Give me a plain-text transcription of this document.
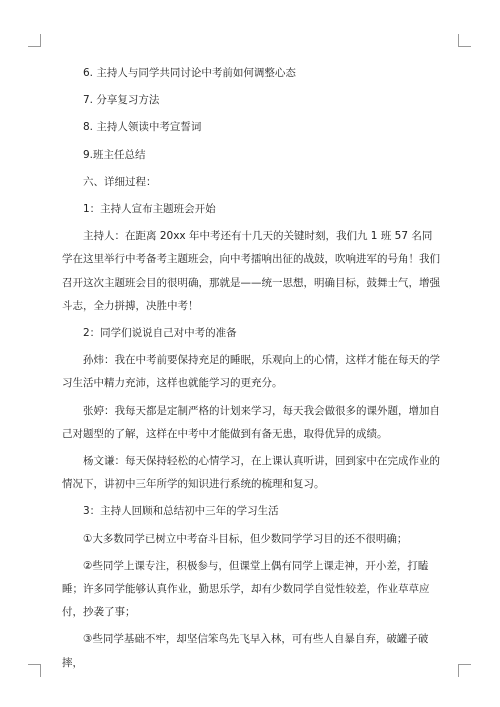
6. 主持人与同学共同讨论中考前如何调整心态

7. 分享复习方法

8. 主持人领读中考宣誓词

9.班主任总结

六、详细过程：

1：主持人宣布主题班会开始

主持人：在距离 20xx 年中考还有十几天的关键时刻，我们九 1 班 57 名同学在这里举行中考备考主题班会，向中考擂响出征的战鼓，吹响进军的号角！我们召开这次主题班会目的很明确，那就是——统一思想，明确目标，鼓舞士气，增强斗志，全力拼搏，决胜中考！

2：同学们说说自己对中考的准备

孙炜：我在中考前要保持充足的睡眠，乐观向上的心情，这样才能在每天的学习生活中精力充沛，这样也就能学习的更充分。

张婷：我每天都是定制严格的计划来学习，每天我会做很多的课外题，增加自己对题型的了解，这样在中考中才能做到有备无患，取得优异的成绩。

杨文谦：每天保持轻松的心情学习，在上课认真听讲，回到家中在完成作业的情况下，讲初中三年所学的知识进行系统的梳理和复习。

3：主持人回顾和总结初中三年的学习生活

①大多数同学已树立中考奋斗目标，但少数同学学习目的还不很明确；

②些同学上课专注，积极参与，但课堂上偶有同学上课走神，开小差，打瞌睡；许多同学能够认真作业，勤思乐学，却有少数同学自觉性较差，作业草草应付，抄袭了事；

③些同学基础不牢，却坚信笨鸟先飞早入林，可有些人自暴自弃，破罐子破摔，
